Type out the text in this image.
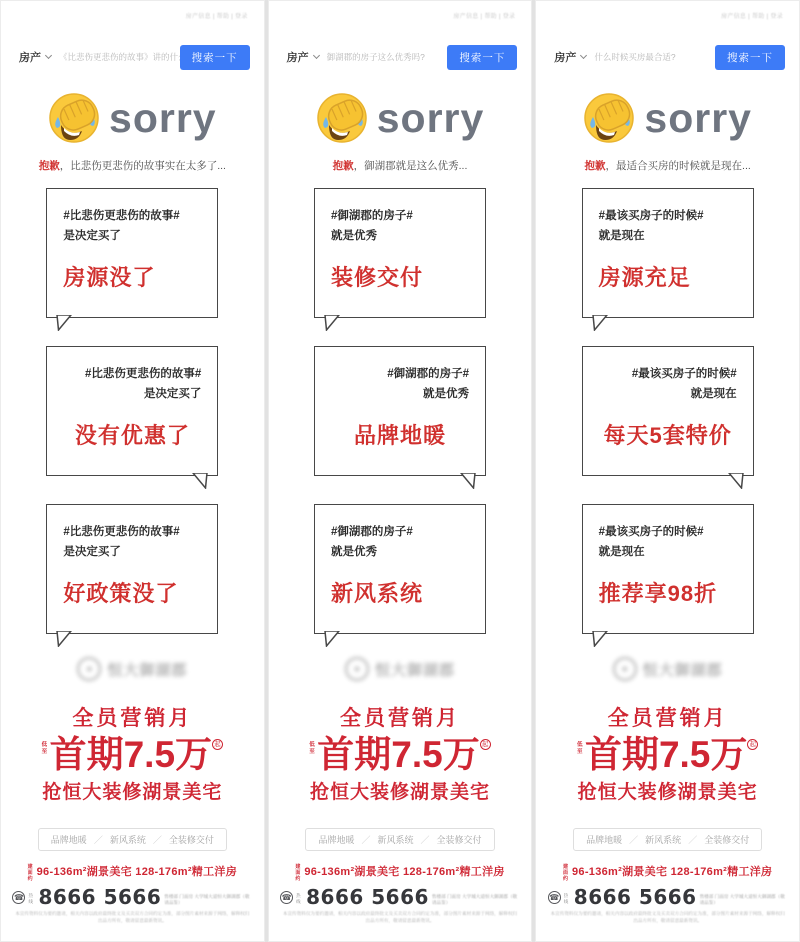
房产信息 | 帮助 | 登录
房产
《比悲伤更悲伤的故事》讲的什么?	搜索一下
sorry
抱歉，比悲伤更悲伤的故事实在太多了...
#比悲伤更悲伤的故事#
是决定买了
房源没了
#比悲伤更悲伤的故事#
是决定买了
没有优惠了
#比悲伤更悲伤的故事#
是决定买了
好政策没了
✦ 恒大御湖郡
全员营销月
低至 首期7.5万 起
抢恒大装修湖景美宅
品牌地暖 ／ 新风系统 ／ 全装修交付
建面约
96-136m²湖景美宅 128-176m²精工洋房
☎	热线 8666 5666 售楼部 门面房 大学城大道恒大御湖郡（敬请品鉴）
本宣传资料仅为要约邀请，相关内容以政府最终批文及买卖双方合同约定为准，部分图片素材来源于网络，解释权归出品方所有，敬请留意最新资讯。
房产信息 | 帮助 | 登录
房产
御湖郡的房子这么优秀吗?	搜索一下
sorry
抱歉，御湖郡就是这么优秀...
#御湖郡的房子#
就是优秀
装修交付
#御湖郡的房子#
就是优秀
品牌地暖
#御湖郡的房子#
就是优秀
新风系统
✦ 恒大御湖郡
全员营销月
低至 首期7.5万 起
抢恒大装修湖景美宅
品牌地暖 ／ 新风系统 ／ 全装修交付
建面约
96-136m²湖景美宅 128-176m²精工洋房
☎	热线 8666 5666 售楼部 门面房 大学城大道恒大御湖郡（敬请品鉴）
本宣传资料仅为要约邀请，相关内容以政府最终批文及买卖双方合同约定为准，部分图片素材来源于网络，解释权归出品方所有，敬请留意最新资讯。
房产信息 | 帮助 | 登录
房产
什么时候买房最合适?	搜索一下
sorry
抱歉，最适合买房的时候就是现在...
#最该买房子的时候#
就是现在
房源充足
#最该买房子的时候#
就是现在
每天5套特价
#最该买房子的时候#
就是现在
推荐享98折
✦ 恒大御湖郡
全员营销月
低至 首期7.5万 起
抢恒大装修湖景美宅
品牌地暖 ／ 新风系统 ／ 全装修交付
建面约
96-136m²湖景美宅 128-176m²精工洋房
☎	热线 8666 5666 售楼部 门面房 大学城大道恒大御湖郡（敬请品鉴）
本宣传资料仅为要约邀请，相关内容以政府最终批文及买卖双方合同约定为准，部分图片素材来源于网络，解释权归出品方所有，敬请留意最新资讯。
